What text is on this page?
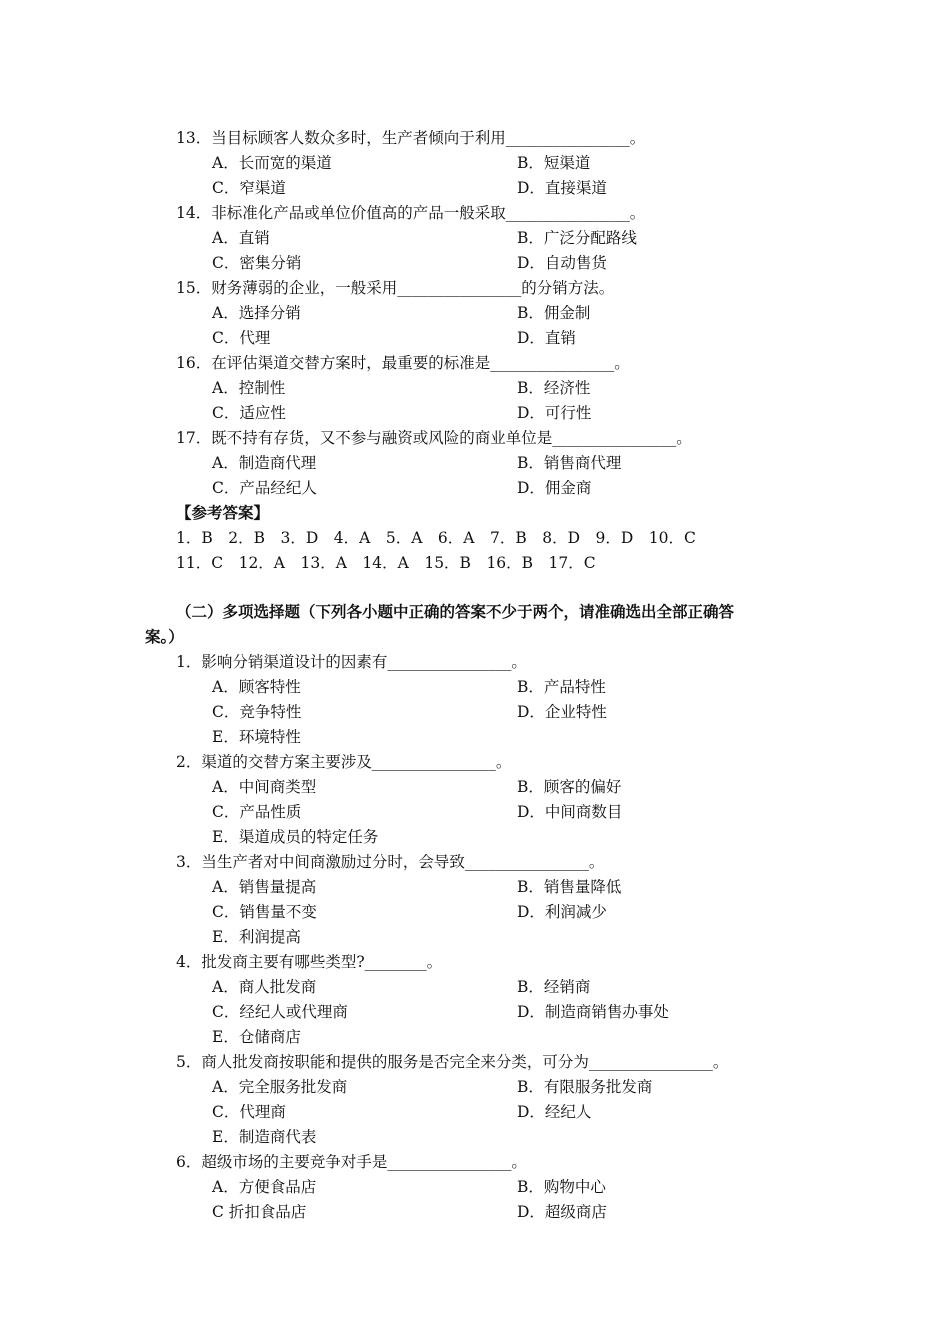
13．当目标顾客人数众多时，生产者倾向于利用________________。
A．长而宽的渠道	B．短渠道
C．窄渠道	D．直接渠道
14．非标准化产品或单位价值高的产品一般采取________________。
A．直销	B．广泛分配路线
C．密集分销	D．自动售货
15．财务薄弱的企业，一般采用________________的分销方法。
A．选择分销	B．佣金制
C．代理	D．直销
16．在评估渠道交替方案时，最重要的标准是________________。
A．控制性	B．经济性
C．适应性	D．可行性
17．既不持有存货，又不参与融资或风险的商业单位是________________。
A．制造商代理	B．销售商代理
C．产品经纪人	D．佣金商
【参考答案】
1．B　2．B　3．D　4．A　5．A　6．A　7．B　8．D　9．D　10．C
11．C　12．A　13．A　14．A　15．B　16．B　17．C
（二）多项选择题（下列各小题中正确的答案不少于两个，请准确选出全部正确答
案。）
1．影响分销渠道设计的因素有________________。
A．顾客特性	B．产品特性
C．竞争特性	D．企业特性
E．环境特性
2．渠道的交替方案主要涉及________________。
A．中间商类型	B．顾客的偏好
C．产品性质	D．中间商数目
E．渠道成员的特定任务
3．当生产者对中间商激励过分时，会导致________________。
A．销售量提高	B．销售量降低
C．销售量不变	D．利润减少
E．利润提高
4．批发商主要有哪些类型?________。
A．商人批发商	B．经销商
C．经纪人或代理商	D．制造商销售办事处
E．仓储商店
5．商人批发商按职能和提供的服务是否完全来分类，可分为________________。
A．完全服务批发商	B．有限服务批发商
C．代理商	D．经纪人
E．制造商代表
6．超级市场的主要竞争对手是________________。
A．方便食品店	B．购物中心
C 折扣食品店	D．超级商店
